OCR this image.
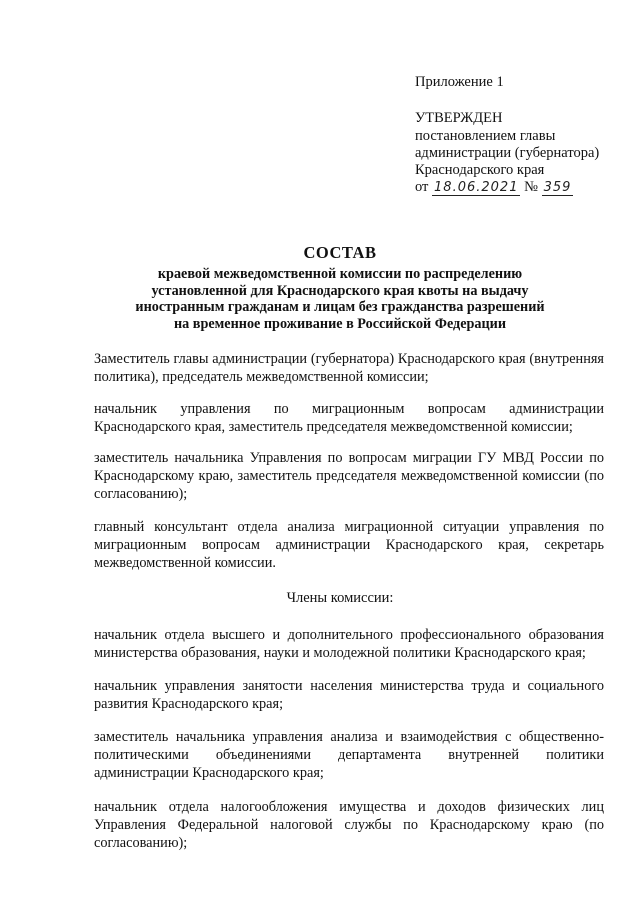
Приложение 1
УТВЕРЖДЕН
постановлением главы
администрации (губернатора)
Краснодарского края
от 18.06.2021 № 359
СОСТАВ
краевой межведомственной комиссии по распределению
установленной для Краснодарского края квоты на выдачу
иностранным гражданам и лицам без гражданства разрешений
на временное проживание в Российской Федерации
Заместитель главы администрации (губернатора) Краснодарского края (внутренняя политика), председатель межведомственной комиссии;
начальник управления по миграционным вопросам администрации Краснодарского края, заместитель председателя межведомственной комиссии;
заместитель начальника Управления по вопросам миграции ГУ МВД России по Краснодарскому краю, заместитель председателя межведомственной комиссии (по согласованию);
главный консультант отдела анализа миграционной ситуации управления по миграционным вопросам администрации Краснодарского края, секретарь межведомственной комиссии.
Члены комиссии:
начальник отдела высшего и дополнительного профессионального образования министерства образования, науки и молодежной политики Краснодарского края;
начальник управления занятости населения министерства труда и социального развития Краснодарского края;
заместитель начальника управления анализа и взаимодействия с общественно-политическими объединениями департамента внутренней политики администрации Краснодарского края;
начальник отдела налогообложения имущества и доходов физических лиц Управления Федеральной налоговой службы по Краснодарскому краю (по согласованию);
